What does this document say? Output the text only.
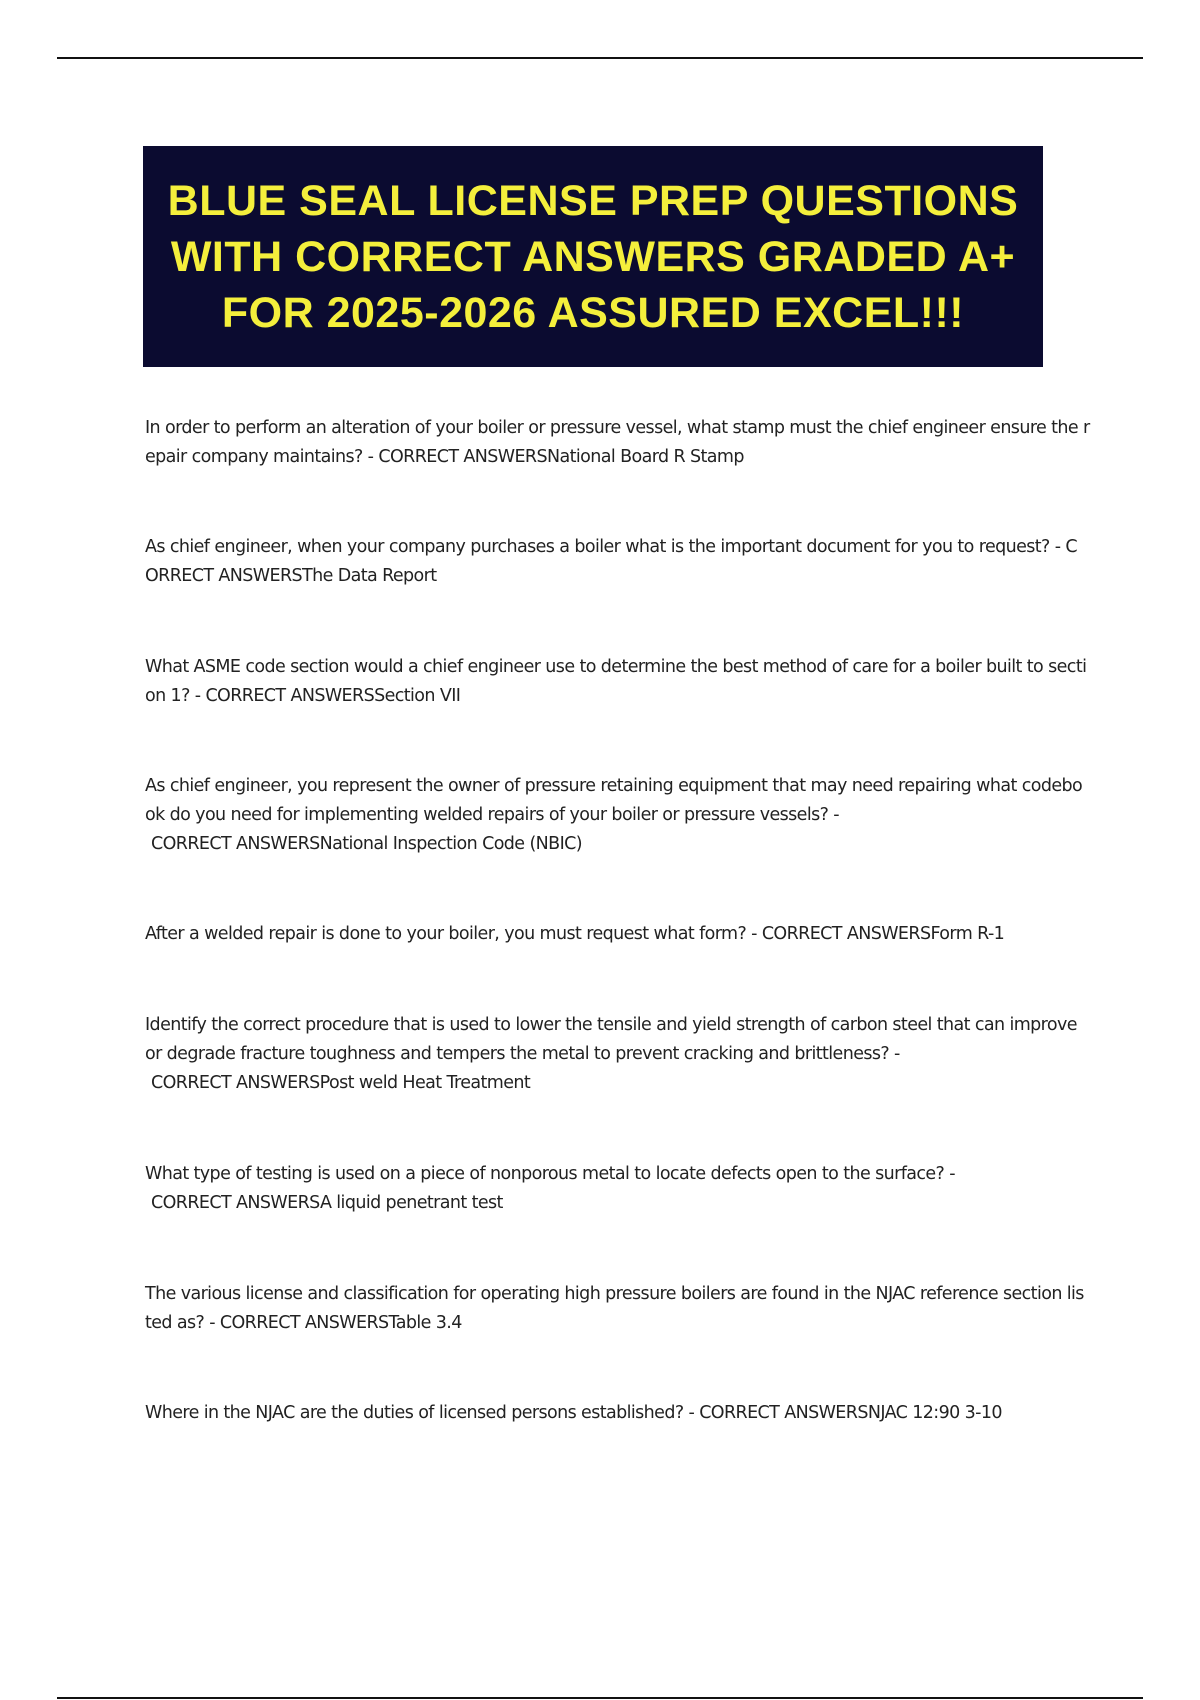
BLUE SEAL LICENSE PREP QUESTIONS WITH CORRECT ANSWERS GRADED A+ FOR 2025-2026 ASSURED EXCEL!!!

In order to perform an alteration of your boiler or pressure vessel, what stamp must the chief engineer ensure the repair company maintains? - CORRECT ANSWERSNational Board R Stamp

As chief engineer, when your company purchases a boiler what is the important document for you to request? - CORRECT ANSWERSThe Data Report

What ASME code section would a chief engineer use to determine the best method of care for a boiler built to section 1? - CORRECT ANSWERSSection VII

As chief engineer, you represent the owner of pressure retaining equipment that may need repairing what codebook do you need for implementing welded repairs of your boiler or pressure vessels? -
CORRECT ANSWERSNational Inspection Code (NBIC)

After a welded repair is done to your boiler, you must request what form? - CORRECT ANSWERSForm R-1

Identify the correct procedure that is used to lower the tensile and yield strength of carbon steel that can improve or degrade fracture toughness and tempers the metal to prevent cracking and brittleness? -
CORRECT ANSWERSPost weld Heat Treatment

What type of testing is used on a piece of nonporous metal to locate defects open to the surface? -
CORRECT ANSWERSA liquid penetrant test

The various license and classification for operating high pressure boilers are found in the NJAC reference section listed as? - CORRECT ANSWERSTable 3.4

Where in the NJAC are the duties of licensed persons established? - CORRECT ANSWERSNJAC 12:90 3-10
